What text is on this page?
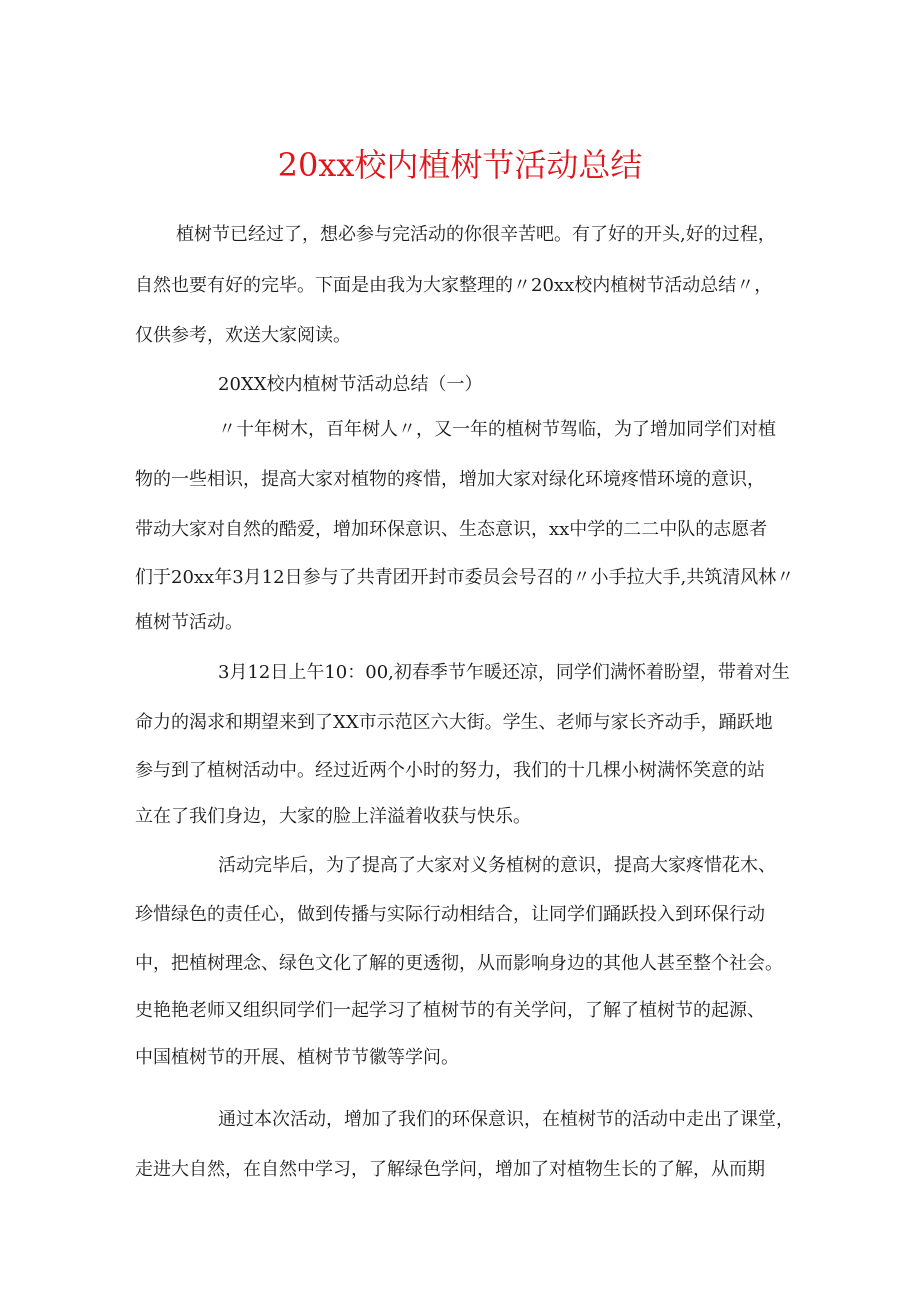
20xx校内植树节活动总结

植树节已经过了，想必参与完活动的你很辛苦吧。有了好的开头,好的过程，

自然也要有好的完毕。下面是由我为大家整理的〃20xx校内植树节活动总结〃，

仅供参考，欢送大家阅读。

20XX校内植树节活动总结（一）

〃十年树木，百年树人〃，又一年的植树节驾临，为了增加同学们对植

物的一些相识，提高大家对植物的疼惜，增加大家对绿化环境疼惜环境的意识，

带动大家对自然的酷爱，增加环保意识、生态意识，xx中学的二二中队的志愿者

们于20xx年3月12日参与了共青团开封市委员会号召的〃小手拉大手,共筑清风林〃

植树节活动。

3月12日上午10：00,初春季节乍暖还凉，同学们满怀着盼望，带着对生

命力的渴求和期望来到了XX市示范区六大街。学生、老师与家长齐动手，踊跃地

参与到了植树活动中。经过近两个小时的努力，我们的十几棵小树满怀笑意的站

立在了我们身边，大家的脸上洋溢着收获与快乐。

活动完毕后，为了提高了大家对义务植树的意识，提高大家疼惜花木、

珍惜绿色的责任心，做到传播与实际行动相结合，让同学们踊跃投入到环保行动

中，把植树理念、绿色文化了解的更透彻，从而影响身边的其他人甚至整个社会。

史艳艳老师又组织同学们一起学习了植树节的有关学问，了解了植树节的起源、

中国植树节的开展、植树节节徽等学问。

通过本次活动，增加了我们的环保意识，在植树节的活动中走出了课堂，

走进大自然，在自然中学习，了解绿色学问，增加了对植物生长的了解，从而期
